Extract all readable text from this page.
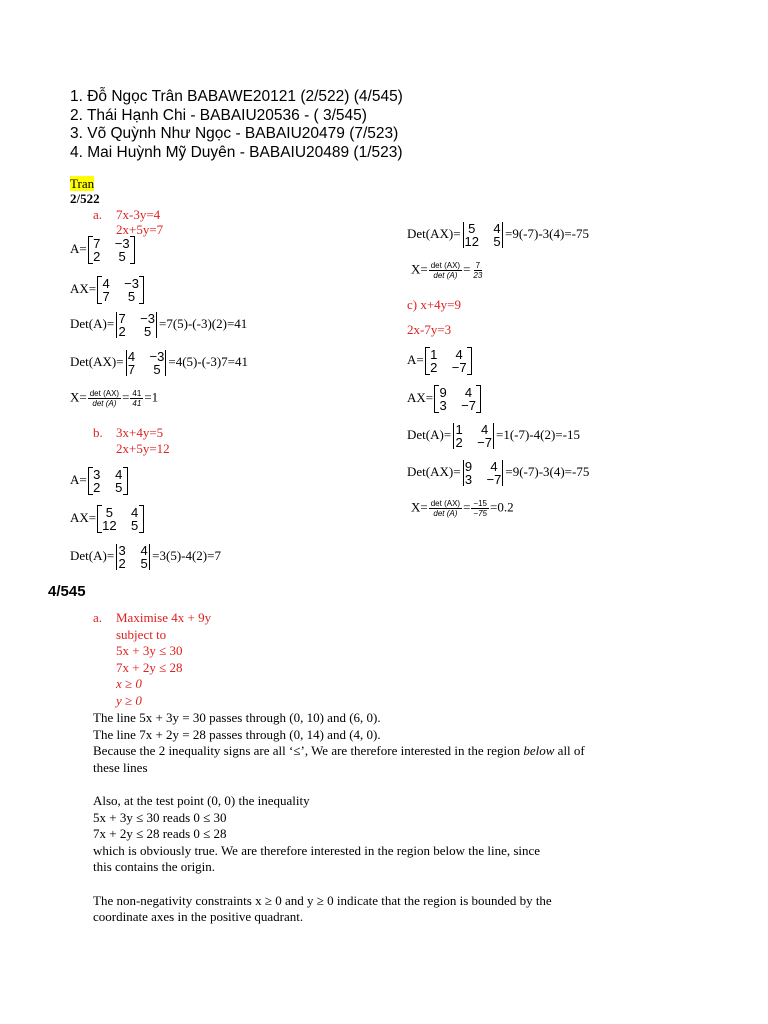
1. Đỗ Ngọc Trân BABAWE20121 (2/522) (4/545)
2. Thái Hạnh Chi - BABAIU20536 - ( 3/545)
3. Võ Quỳnh Như Ngọc - BABAIU20479 (7/523)
4. Mai Huỳnh Mỹ Duyên - BABAIU20489 (1/523)
Tran
2/522
a. 7x-3y=4
2x+5y=7
A= 7 −3
2 5
AX= 4 −3
7 5
Det(A)= 7 −3
2 5
=7(5)-(-3)(2)=41
Det(AX)= 4 −3
7 5
=4(5)-(-3)7=41
$X= \frac{\det (AX)}{\det (A)} = \frac{41}{41} =1$
b. 3x+4y=5
2x+5y=12
A= 3 4
2 5
AX= 5 4
12 5
Det(A)= 3 4
2 5
=3(5)-4(2)=7
Det(AX)= 5 4
12 5
=9(-7)-3(4)=-75
$X= \frac{\det (AX)}{\det (A)} = \frac{7}{23}$
c) x+4y=9
2x-7y=3
A= 1 4
2 −7
AX= 9 4
3 −7
Det(A)= 1 4
2 −7
=1(-7)-4(2)=-15
Det(AX)= 9 4
3 −7
=9(-7)-3(4)=-75
$X= \frac{\det (AX)}{\det (A)} = \frac{-15}{-75} =0.2$
4/545
a. Maximise 4x + 9y
subject to
5x + 3y ≤ 30
7x + 2y ≤ 28
x ≥ 0
y ≥ 0
The line 5x + 3y = 30 passes through (0, 10) and (6, 0).
The line 7x + 2y = 28 passes through (0, 14) and (4, 0).
Because the 2 inequality signs are all ‘≤’, We are therefore interested in the region below all of
these lines
Also, at the test point (0, 0) the inequality
5x + 3y ≤ 30 reads 0 ≤ 30
7x + 2y ≤ 28 reads 0 ≤ 28
which is obviously true. We are therefore interested in the region below the line, since
this contains the origin.
The non-negativity constraints x ≥ 0 and y ≥ 0 indicate that the region is bounded by the
coordinate axes in the positive quadrant.
